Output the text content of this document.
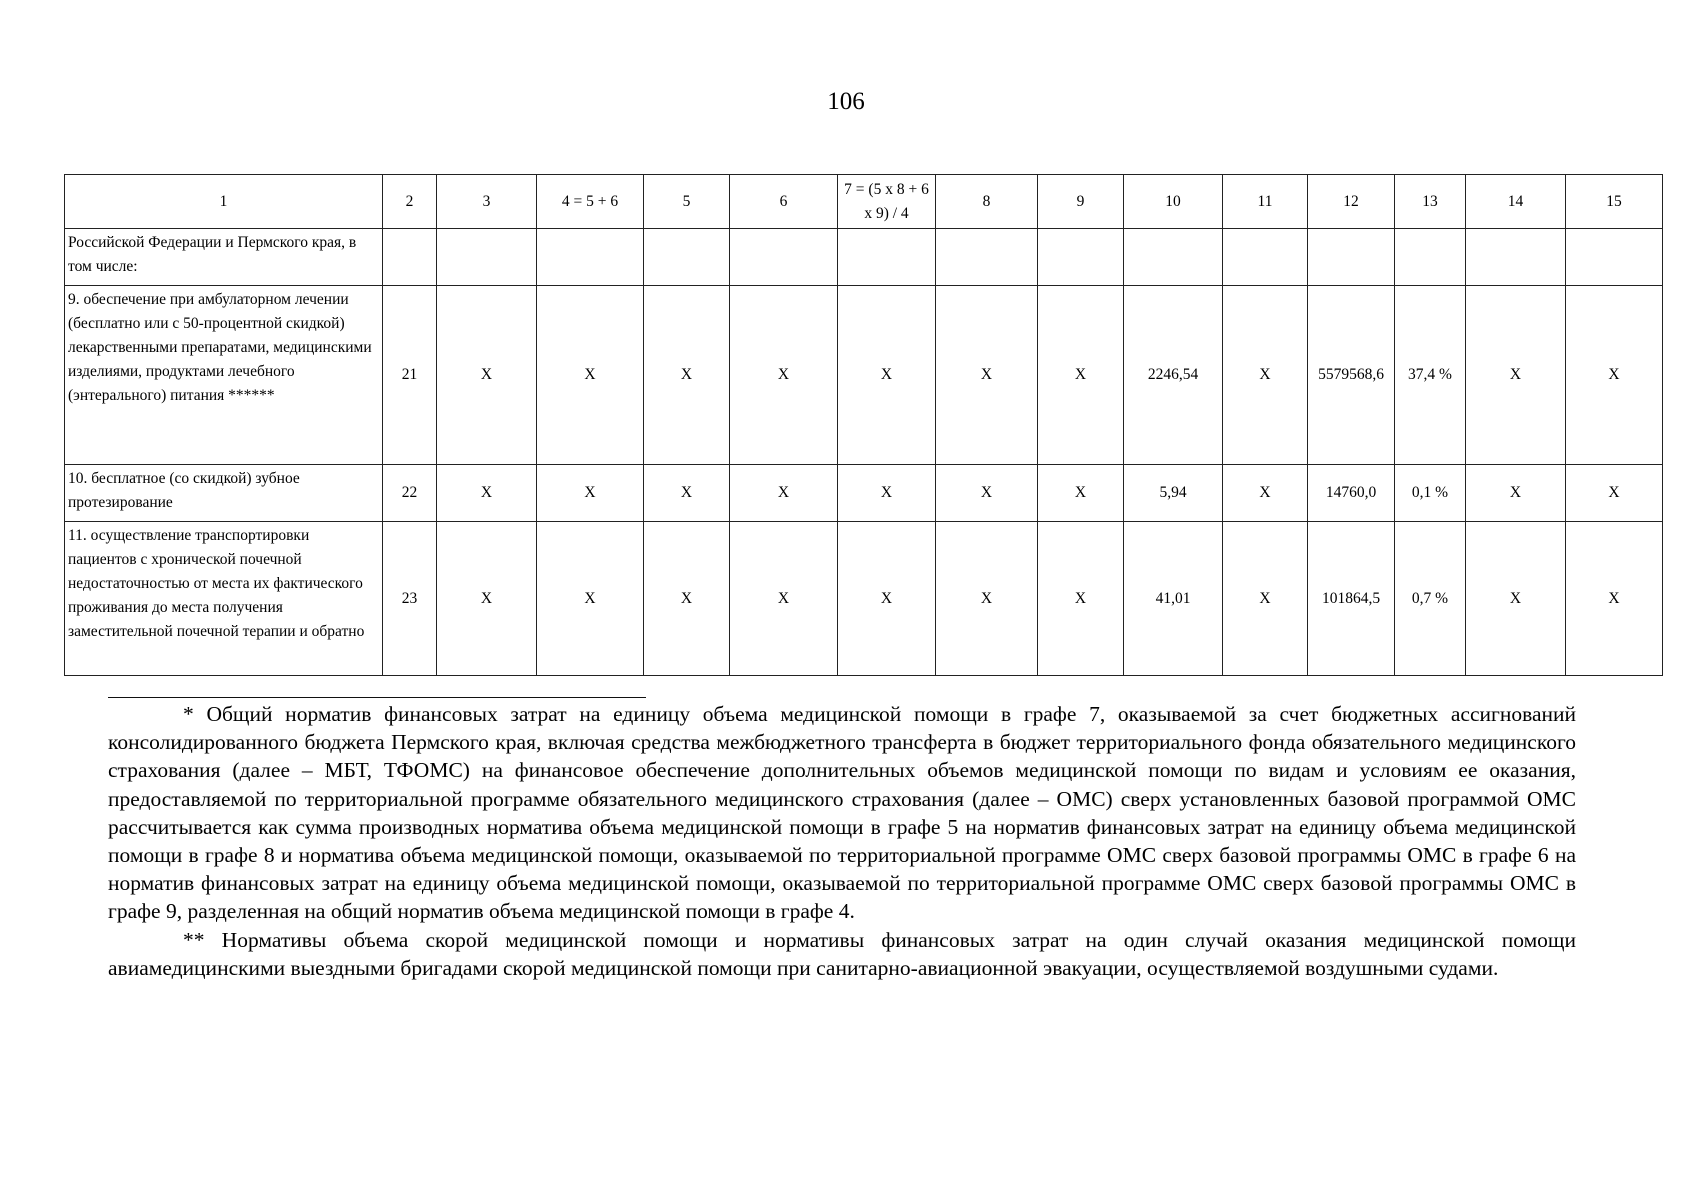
106
1	2	3	4 = 5 + 6	5	6	7 = (5 x 8 + 6 x 9) / 4	8	9	10	11	12	13	14	15
Российской Федерации и Пермского края, в том числе:														
9. обеспечение при амбулаторном лечении (бесплатно или с 50-процентной скидкой) лекарственными препаратами, медицинскими изделиями, продуктами лечебного (энтерального) питания ******	21	X	X	X	X	X	X	X	2246,54	X	5579568,6	37,4 %	X	X
10. бесплатное (со скидкой) зубное протезирование	22	X	X	X	X	X	X	X	5,94	X	14760,0	0,1 %	X	X
11. осуществление транспортировки пациентов с хронической почечной недостаточностью от места их фактического проживания до места получения заместительной почечной терапии и обратно	23	X	X	X	X	X	X	X	41,01	X	101864,5	0,7 %	X	X

* Общий норматив финансовых затрат на единицу объема медицинской помощи в графе 7, оказываемой за счет бюджетных ассигнований консолидированного бюджета Пермского края, включая средства межбюджетного трансферта в бюджет территориального фонда обязательного медицинского страхования (далее – МБТ, ТФОМС) на финансовое обеспечение дополнительных объемов медицинской помощи по видам и условиям ее оказания, предоставляемой по территориальной программе обязательного медицинского страхования (далее – ОМС) сверх установленных базовой программой ОМС рассчитывается как сумма производных норматива объема медицинской помощи в графе 5 на норматив финансовых затрат на единицу объема медицинской помощи в графе 8 и норматива объема медицинской помощи, оказываемой по территориальной программе ОМС сверх базовой программы ОМС в графе 6 на норматив финансовых затрат на единицу объема медицинской помощи, оказываемой по территориальной программе ОМС сверх базовой программы ОМС в графе 9, разделенная на общий норматив объема медицинской помощи в графе 4.

** Нормативы объема скорой медицинской помощи и нормативы финансовых затрат на один случай оказания медицинской помощи авиамедицинскими выездными бригадами скорой медицинской помощи при санитарно-авиационной эвакуации, осуществляемой воздушными судами.
